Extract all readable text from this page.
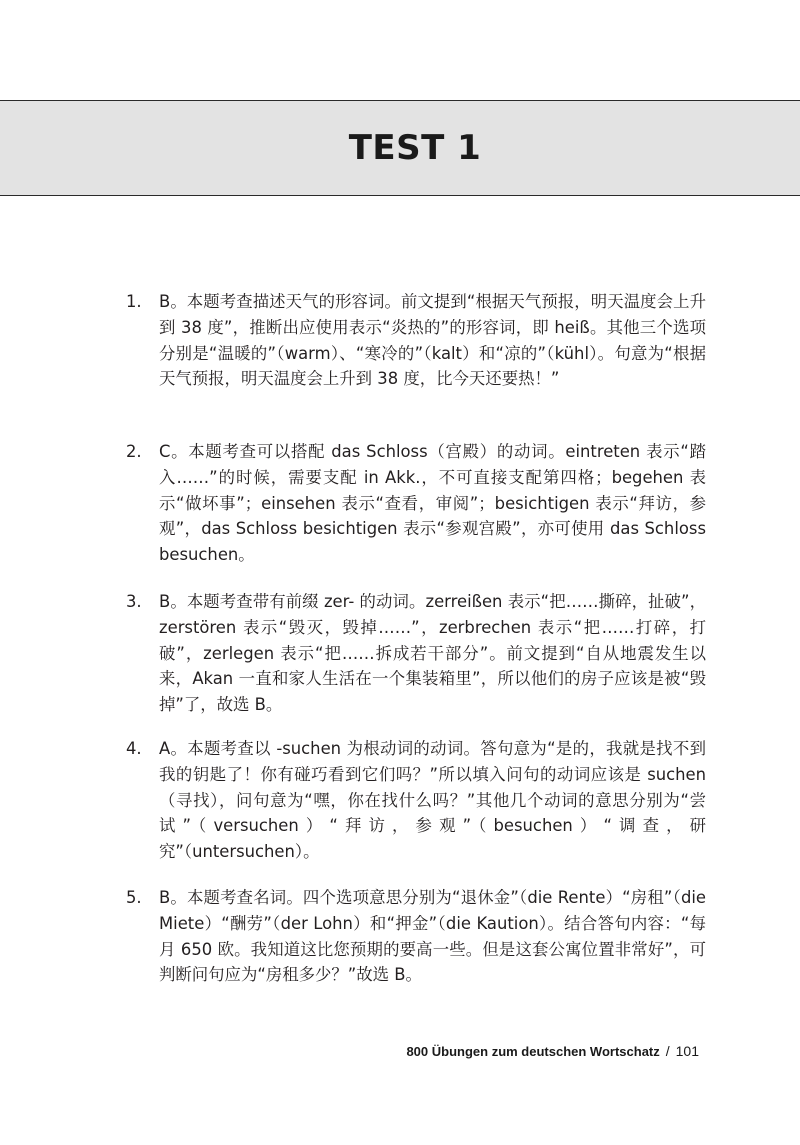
TEST 1
1.	B。本题考查描述天气的形容词。前文提到“根据天气预报，明天温度会上升到 38 度”，推断出应使用表示“炎热的”的形容词，即 heiß。其他三个选项分别是“温暖的”（warm）、“寒冷的”（kalt）和“凉的”（kühl）。句意为“根据天气预报，明天温度会上升到 38 度，比今天还要热！”
2.	C。本题考查可以搭配 das Schloss（宫殿）的动词。eintreten 表示“踏入……”的时候，需要支配 in Akk.，不可直接支配第四格；begehen 表示“做坏事”；einsehen 表示“查看，审阅”；besichtigen 表示“拜访，参观”，das Schloss besichtigen 表示“参观宫殿”，亦可使用 das Schloss besuchen。
3.	B。本题考查带有前缀 zer- 的动词。zerreißen 表示“把……撕碎，扯破”，zerstören 表示“毁灭，毁掉……”，zerbrechen 表示“把……打碎，打破”，zerlegen 表示“把……拆成若干部分”。前文提到“自从地震发生以来，Akan 一直和家人生活在一个集装箱里”，所以他们的房子应该是被“毁掉”了，故选 B。
4.	A。本题考查以 -suchen 为根动词的动词。答句意为“是的，我就是找不到我的钥匙了！你有碰巧看到它们吗？”所以填入问句的动词应该是 suchen（寻找），问句意为“嘿，你在找什么吗？”其他几个动词的意思分别为“尝试”（versuchen）“拜访，参观”（besuchen）“调查，研究”（untersuchen）。
5.	B。本题考查名词。四个选项意思分别为“退休金”（die Rente）“房租”（die Miete）“酬劳”（der Lohn）和“押金”（die Kaution）。结合答句内容：“每月 650 欧。我知道这比您预期的要高一些。但是这套公寓位置非常好”，可判断问句应为“房租多少？”故选 B。
800 Übungen zum deutschen Wortschatz / 101
